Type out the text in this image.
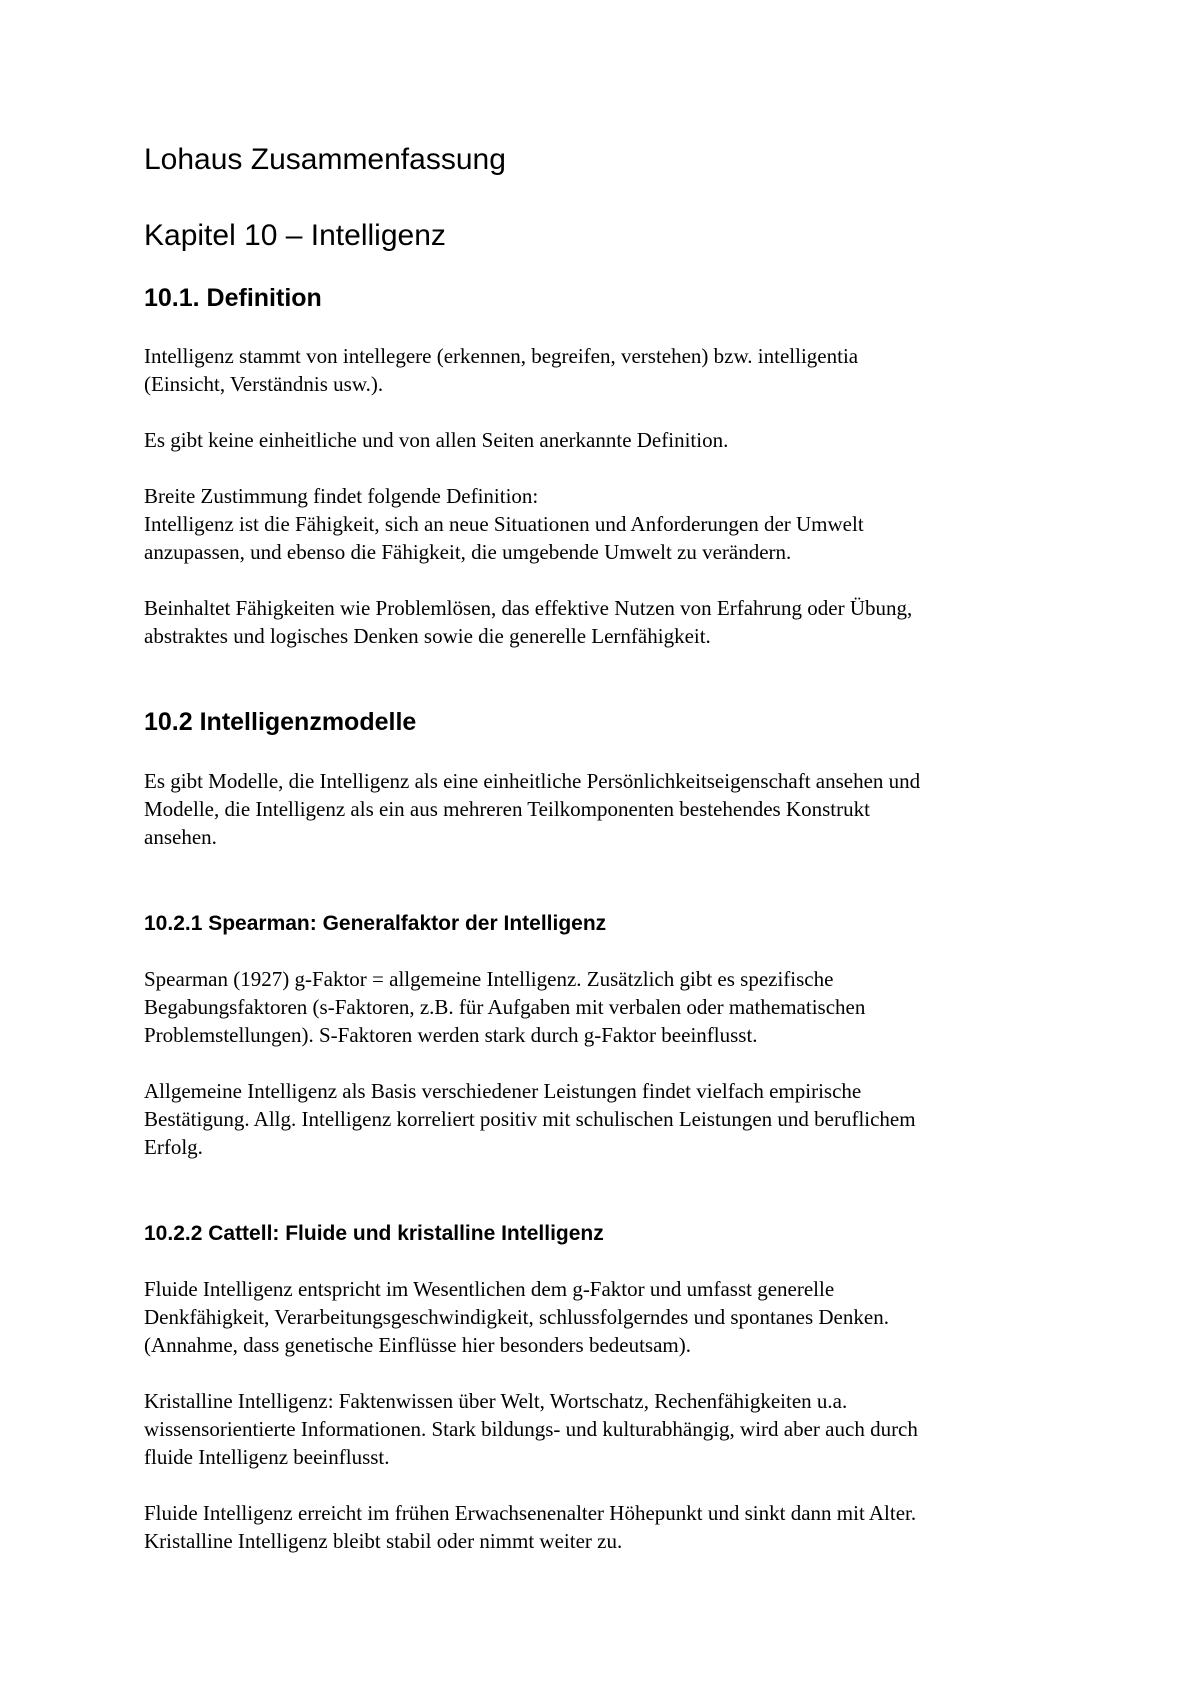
Lohaus Zusammenfassung
Kapitel 10 – Intelligenz
10.1. Definition

Intelligenz stammt von intellegere (erkennen, begreifen, verstehen) bzw. intelligentia
(Einsicht, Verständnis usw.).

Es gibt keine einheitliche und von allen Seiten anerkannte Definition.

Breite Zustimmung findet folgende Definition:
Intelligenz ist die Fähigkeit, sich an neue Situationen und Anforderungen der Umwelt
anzupassen, und ebenso die Fähigkeit, die umgebende Umwelt zu verändern.

Beinhaltet Fähigkeiten wie Problemlösen, das effektive Nutzen von Erfahrung oder Übung,
abstraktes und logisches Denken sowie die generelle Lernfähigkeit.

10.2 Intelligenzmodelle

Es gibt Modelle, die Intelligenz als eine einheitliche Persönlichkeitseigenschaft ansehen und
Modelle, die Intelligenz als ein aus mehreren Teilkomponenten bestehendes Konstrukt
ansehen.

10.2.1 Spearman: Generalfaktor der Intelligenz

Spearman (1927) g-Faktor = allgemeine Intelligenz. Zusätzlich gibt es spezifische
Begabungsfaktoren (s-Faktoren, z.B. für Aufgaben mit verbalen oder mathematischen
Problemstellungen). S-Faktoren werden stark durch g-Faktor beeinflusst.

Allgemeine Intelligenz als Basis verschiedener Leistungen findet vielfach empirische
Bestätigung. Allg. Intelligenz korreliert positiv mit schulischen Leistungen und beruflichem
Erfolg.

10.2.2 Cattell: Fluide und kristalline Intelligenz

Fluide Intelligenz entspricht im Wesentlichen dem g-Faktor und umfasst generelle
Denkfähigkeit, Verarbeitungsgeschwindigkeit, schlussfolgerndes und spontanes Denken.
(Annahme, dass genetische Einflüsse hier besonders bedeutsam).

Kristalline Intelligenz: Faktenwissen über Welt, Wortschatz, Rechenfähigkeiten u.a.
wissensorientierte Informationen. Stark bildungs- und kulturabhängig, wird aber auch durch
fluide Intelligenz beeinflusst.

Fluide Intelligenz erreicht im frühen Erwachsenenalter Höhepunkt und sinkt dann mit Alter.
Kristalline Intelligenz bleibt stabil oder nimmt weiter zu.
